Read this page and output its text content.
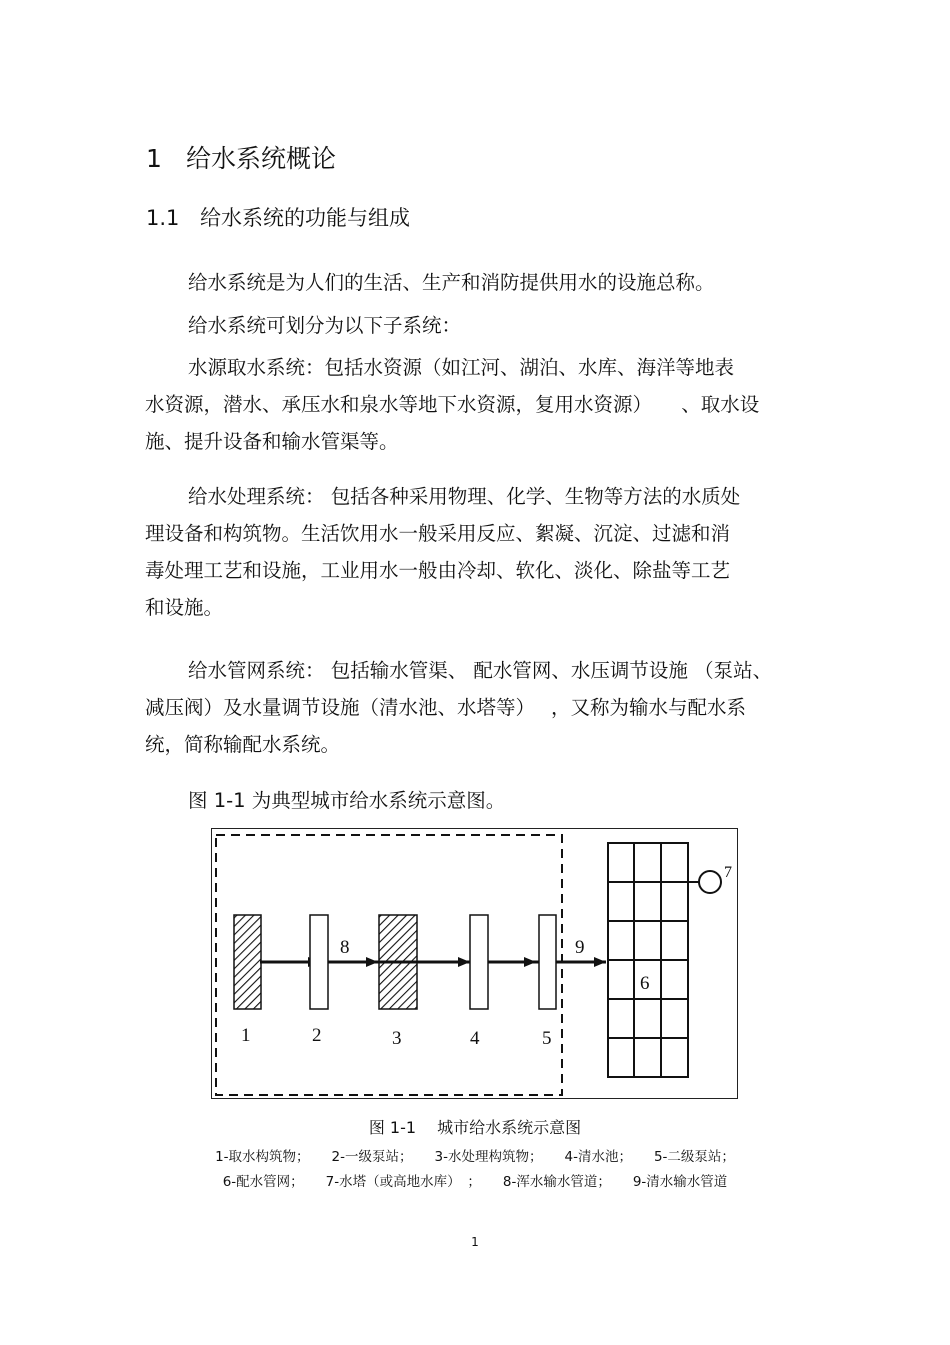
1 给水系统概论
1.1 给水系统的功能与组成
给水系统是为人们的生活、生产和消防提供用水的设施总称。
给水系统可划分为以下子系统：
水源取水系统：包括水资源（如江河、湖泊、水库、海洋等地表
水资源，潜水、承压水和泉水等地下水资源，复用水资源）　　、取水设
施、提升设备和输水管渠等。
给水处理系统： 包括各种采用物理、化学、生物等方法的水质处
理设备和构筑物。生活饮用水一般采用反应、絮凝、沉淀、过滤和消
毒处理工艺和设施，工业用水一般由冷却、软化、淡化、除盐等工艺
和设施。
给水管网系统： 包括输水管渠、 配水管网、水压调节设施 （泵站、
减压阀）及水量调节设施（清水池、水塔等）　 ，又称为输水与配水系
统，简称输配水系统。
图 1-1 为典型城市给水系统示意图。
1	2	3	4	5
6
7
8	9
图 1-1　 城市给水系统示意图
1-取水构筑物； 2-一级泵站； 3-水处理构筑物； 4-清水池； 5-二级泵站；
6-配水管网； 7-水塔（或高地水库）　； 8-浑水输水管道； 9-清水输水管道
1
